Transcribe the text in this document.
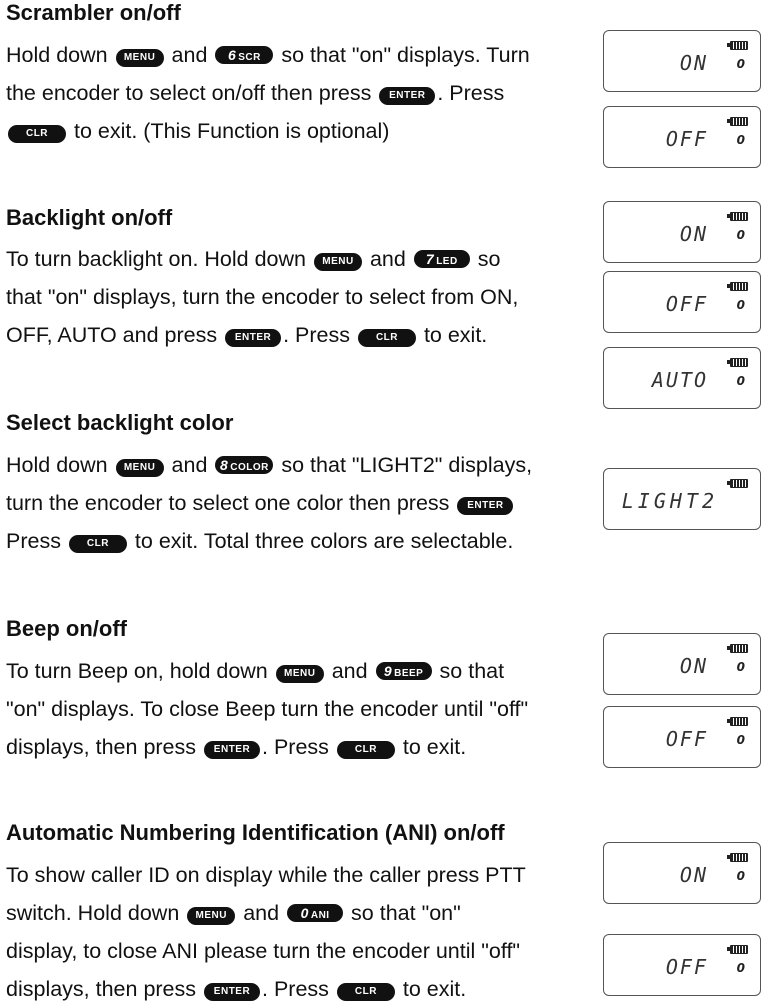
Scrambler on/off
Hold down MENU and 6 SCR so that "on" displays. Turn
the encoder to select on/off then press ENTER . Press
CLR to exit. (This Function is optional)
Backlight on/off
To turn backlight on. Hold down MENU and 7 LED so
that "on" displays, turn the encoder to select from ON,
OFF, AUTO and press ENTER . Press CLR to exit.
Select backlight color
Hold down MENU and 8 COLOR so that "LIGHT2" displays,
turn the encoder to select one color then press ENTER
Press CLR to exit. Total three colors are selectable.
Beep on/off
To turn Beep on, hold down MENU and 9 BEEP so that
"on" displays. To close Beep turn the encoder until "off"
displays, then press ENTER . Press CLR to exit.
Automatic Numbering Identification (ANI) on/off
To show caller ID on display while the caller press PTT
switch. Hold down MENU and 0 ANI so that "on"
display, to close ANI please turn the encoder until "off"
displays, then press ENTER . Press CLR to exit.
ON 0
OFF 0
ON 0
OFF 0
AUTO 0
LIGHT2
ON 0
OFF 0
ON 0
OFF 0
